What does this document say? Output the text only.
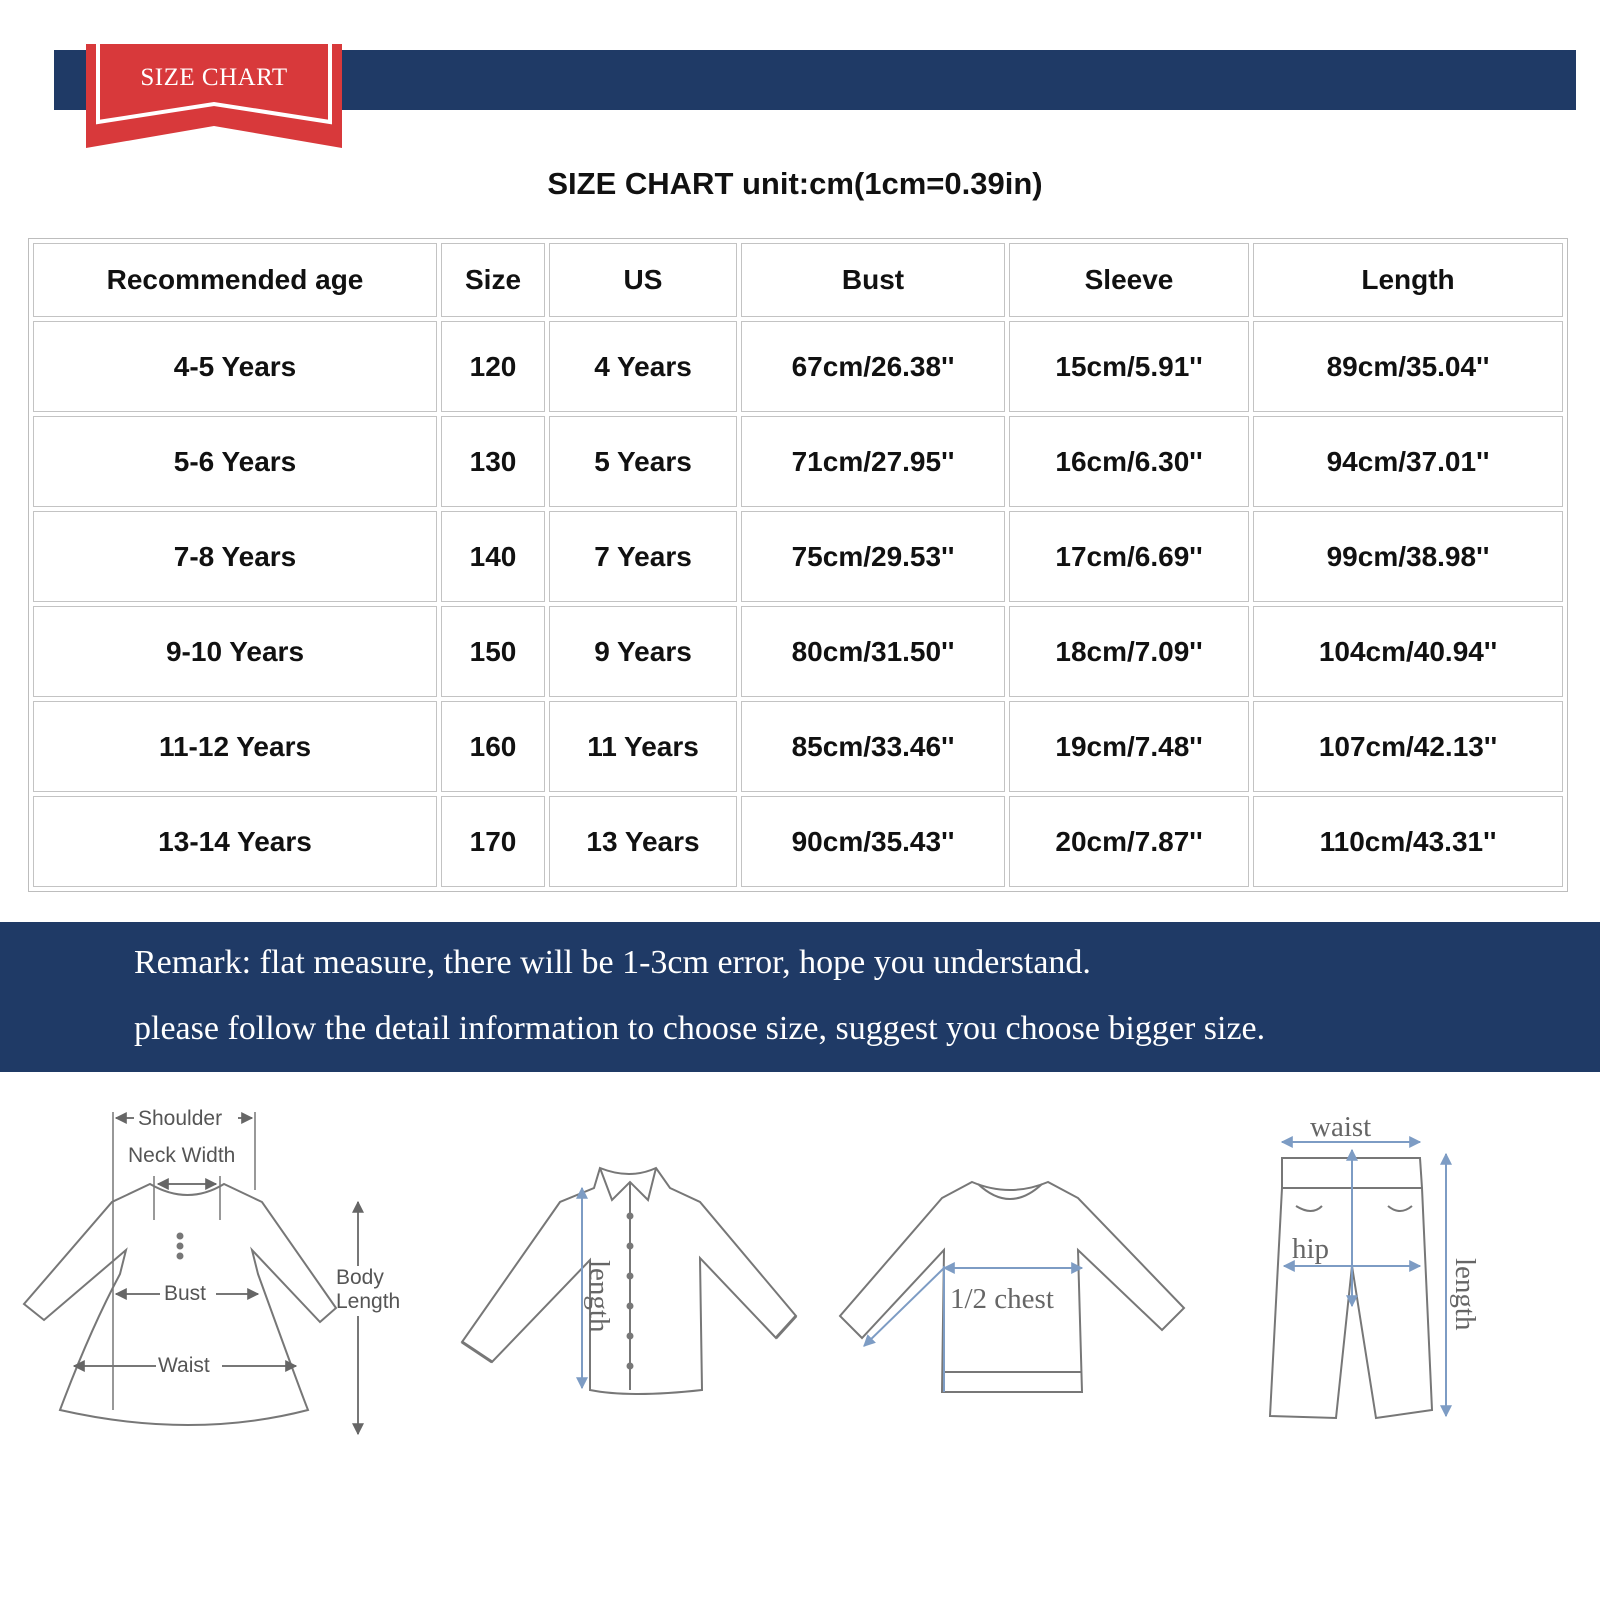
SIZE CHART
SIZE CHART unit:cm(1cm=0.39in)
Recommended age	Size	US	Bust	Sleeve	Length
4-5 Years	120	4 Years	67cm/26.38''	15cm/5.91''	89cm/35.04''
5-6 Years	130	5 Years	71cm/27.95''	16cm/6.30''	94cm/37.01''
7-8 Years	140	7 Years	75cm/29.53''	17cm/6.69''	99cm/38.98''
9-10 Years	150	9 Years	80cm/31.50''	18cm/7.09''	104cm/40.94''
11-12 Years	160	11 Years	85cm/33.46''	19cm/7.48''	107cm/42.13''
13-14 Years	170	13 Years	90cm/35.43''	20cm/7.87''	110cm/43.31''
Remark: flat measure, there will be 1-3cm error, hope you understand.
please follow the detail information to choose size, suggest you choose bigger size.
Shoulder
Neck Width
Bust
Waist
Body
Length	length	1/2 chest
waist
hip
length
